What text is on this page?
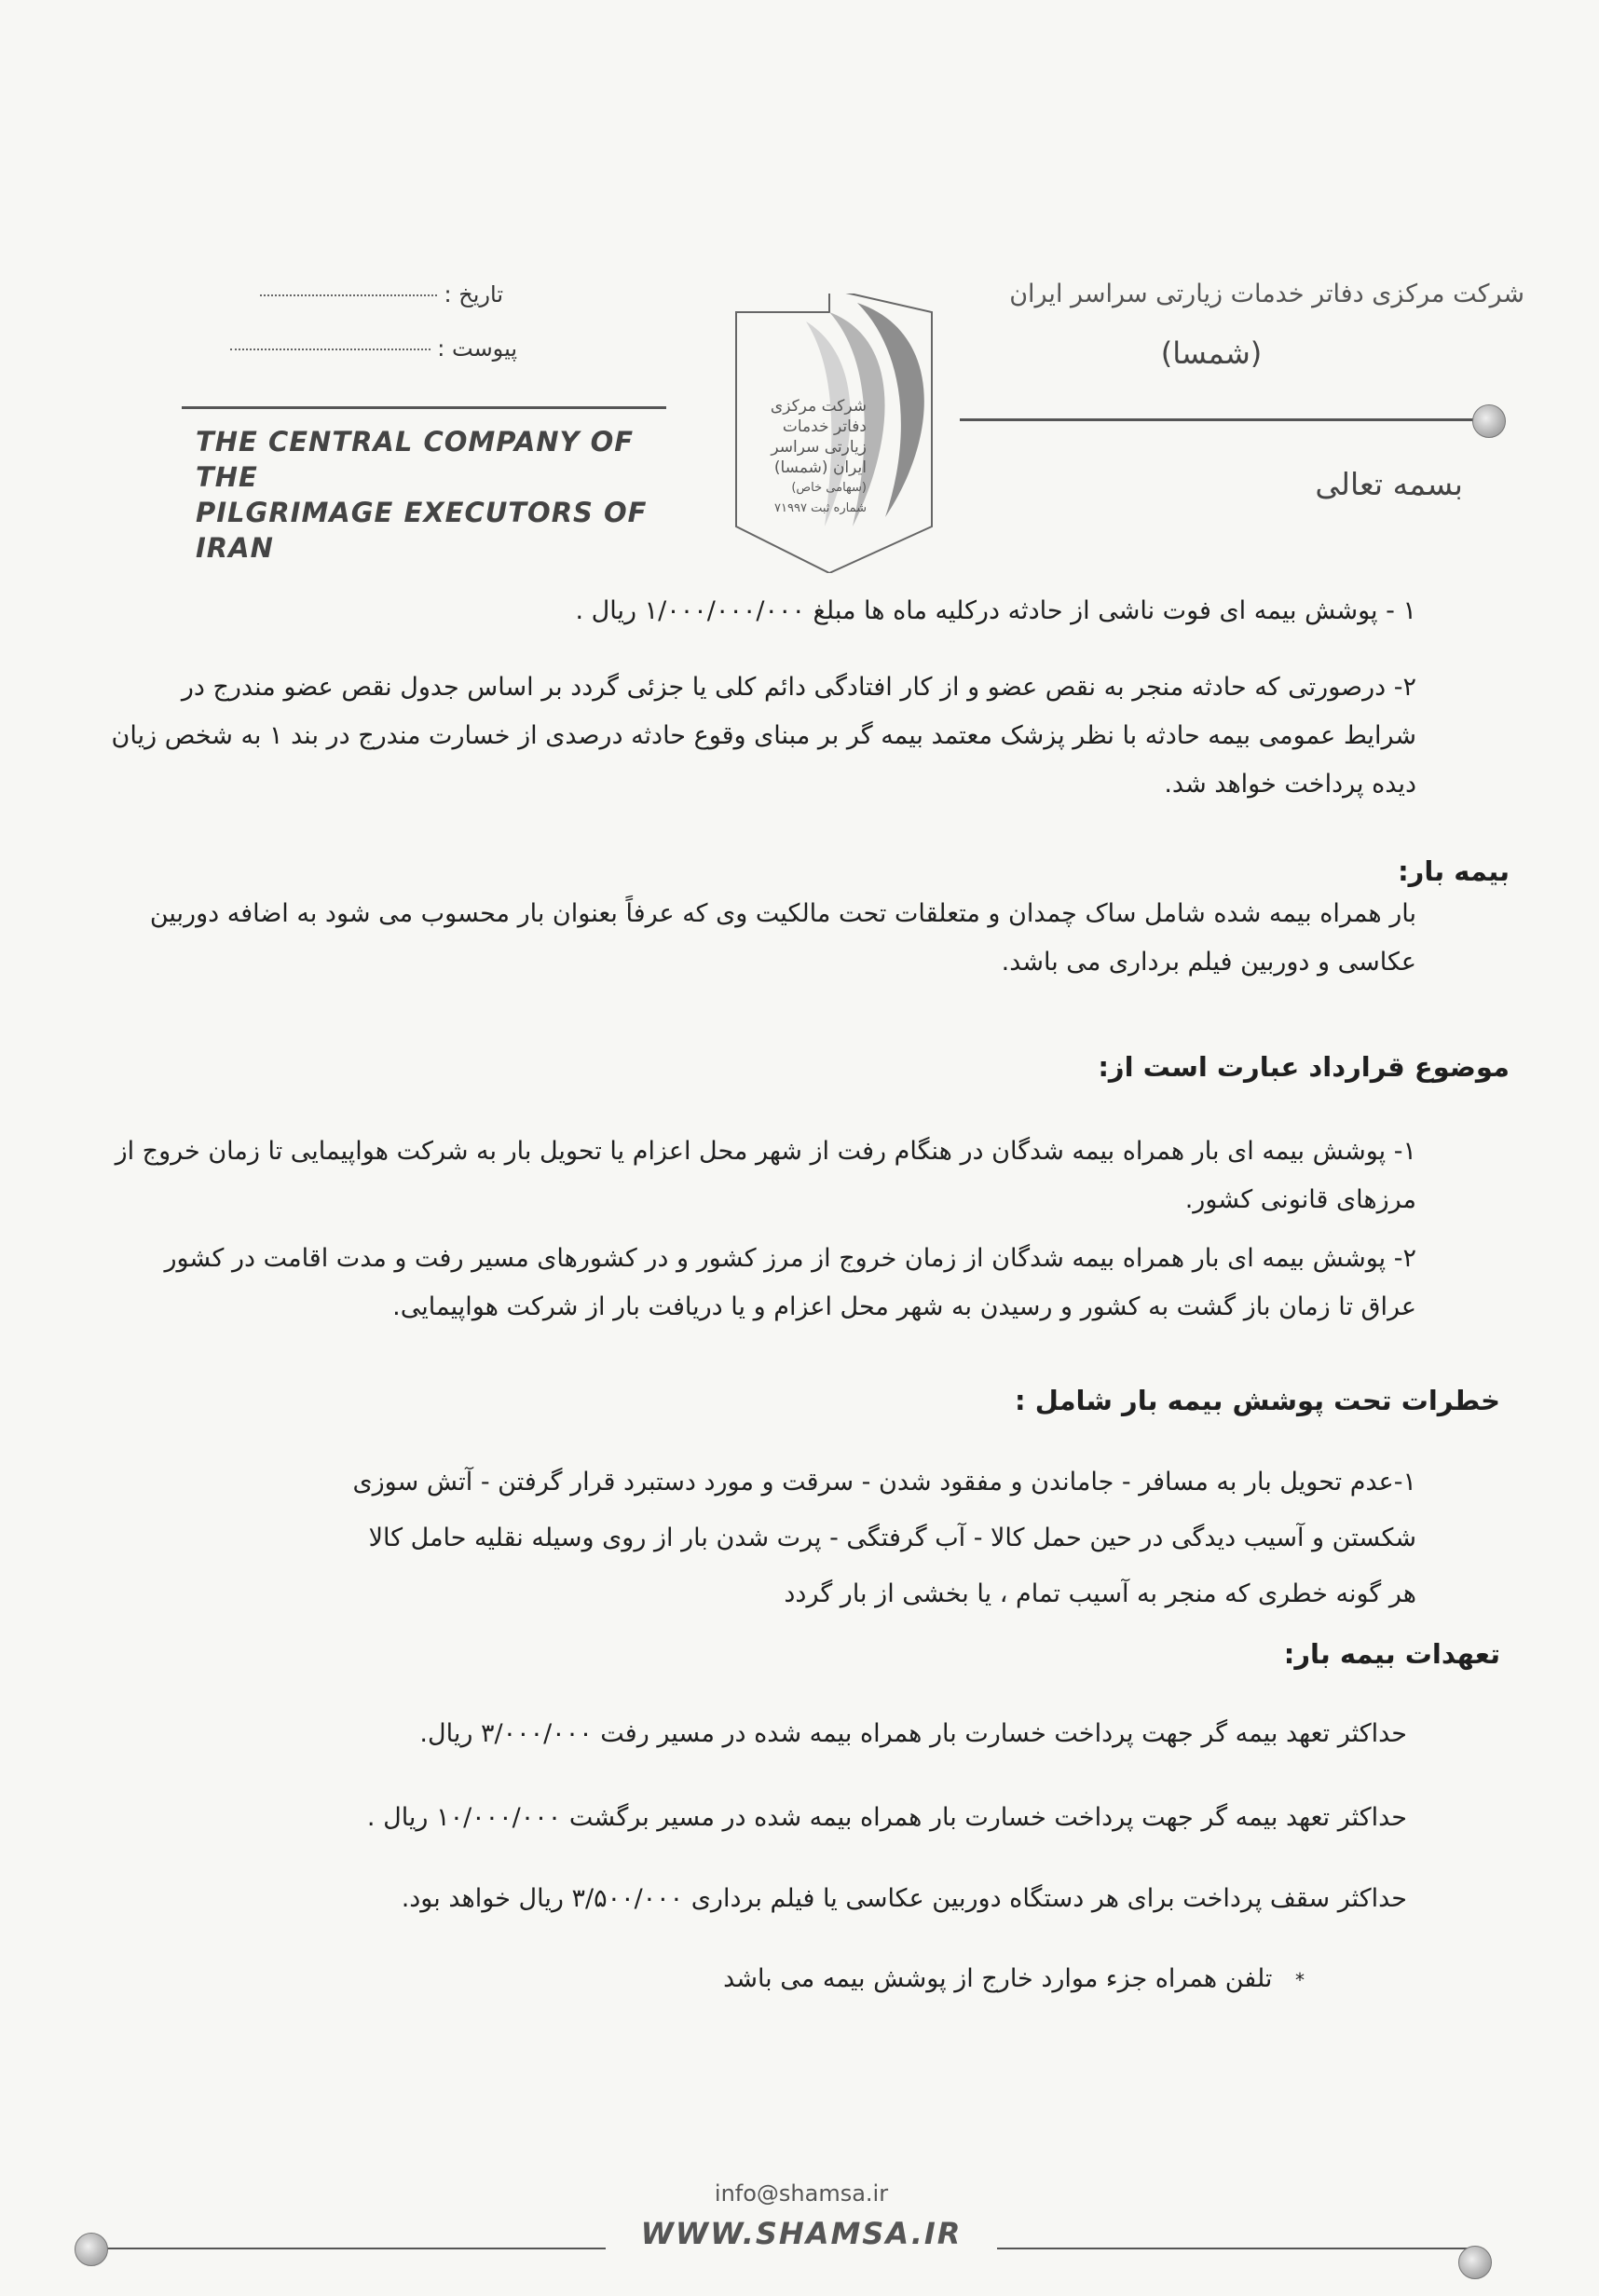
شرکت مرکزی دفاتر خدمات زیارتی سراسر ایران
(شمسا)
بسمه تعالی
تاریخ :
پیوست :
THE CENTRAL COMPANY OF THE
PILGRIMAGE EXECUTORS OF IRAN
شرکت مرکزی
دفاتر خدمات
زیارتی سراسر
ایران (شمسا)
(سهامی خاص)
شماره ثبت ۷۱۹۹۷
۱ - پوشش بیمه ای فوت ناشی از حادثه درکلیه ماه ها مبلغ ۱/۰۰۰/۰۰۰/۰۰۰ ریال .
۲- درصورتی که حادثه منجر به نقص عضو و از کار افتادگی دائم کلی یا جزئی گردد بر اساس جدول نقص عضو مندرج در شرایط عمومی بیمه حادثه با نظر پزشک معتمد بیمه گر بر مبنای وقوع حادثه درصدی از خسارت مندرج در بند ۱ به شخص زیان دیده پرداخت خواهد شد.
بیمه بار:
بار همراه بیمه شده شامل ساک چمدان و متعلقات تحت مالکیت وی که عرفاً بعنوان بار محسوب می شود به اضافه دوربین عکاسی و دوربین فیلم برداری می باشد.
موضوع قرارداد عبارت است از:
۱- پوشش بیمه ای بار همراه بیمه شدگان در هنگام رفت از شهر محل اعزام یا تحویل بار به شرکت هواپیمایی تا زمان خروج از مرزهای قانونی کشور.
۲- پوشش بیمه ای بار همراه بیمه شدگان از زمان خروج از مرز کشور و در کشورهای مسیر رفت و مدت اقامت در کشور عراق تا زمان باز گشت به کشور و رسیدن به شهر محل اعزام و یا دریافت بار از شرکت هواپیمایی.
خطرات تحت پوشش بیمه بار شامل :
۱-عدم تحویل بار به مسافر - جاماندن و مفقود شدن - سرقت و مورد دستبرد قرار گرفتن - آتش سوزی
شکستن و آسیب دیدگی در حین حمل کالا - آب گرفتگی - پرت شدن بار از روی وسیله نقلیه حامل کالا
هر گونه خطری که منجر به آسیب تمام ، یا بخشی از بار گردد
تعهدات بیمه بار:
حداکثر تعهد بیمه گر جهت پرداخت خسارت بار همراه بیمه شده در مسیر رفت ۳/۰۰۰/۰۰۰ ریال.
حداکثر تعهد بیمه گر جهت پرداخت خسارت بار همراه بیمه شده در مسیر برگشت ۱۰/۰۰۰/۰۰۰ ریال .
حداکثر سقف پرداخت برای هر دستگاه دوربین عکاسی یا فیلم برداری ۳/۵۰۰/۰۰۰ ریال خواهد بود.
* تلفن همراه جزء موارد خارج از پوشش بیمه می باشد
info@shamsa.ir
WWW.SHAMSA.IR
